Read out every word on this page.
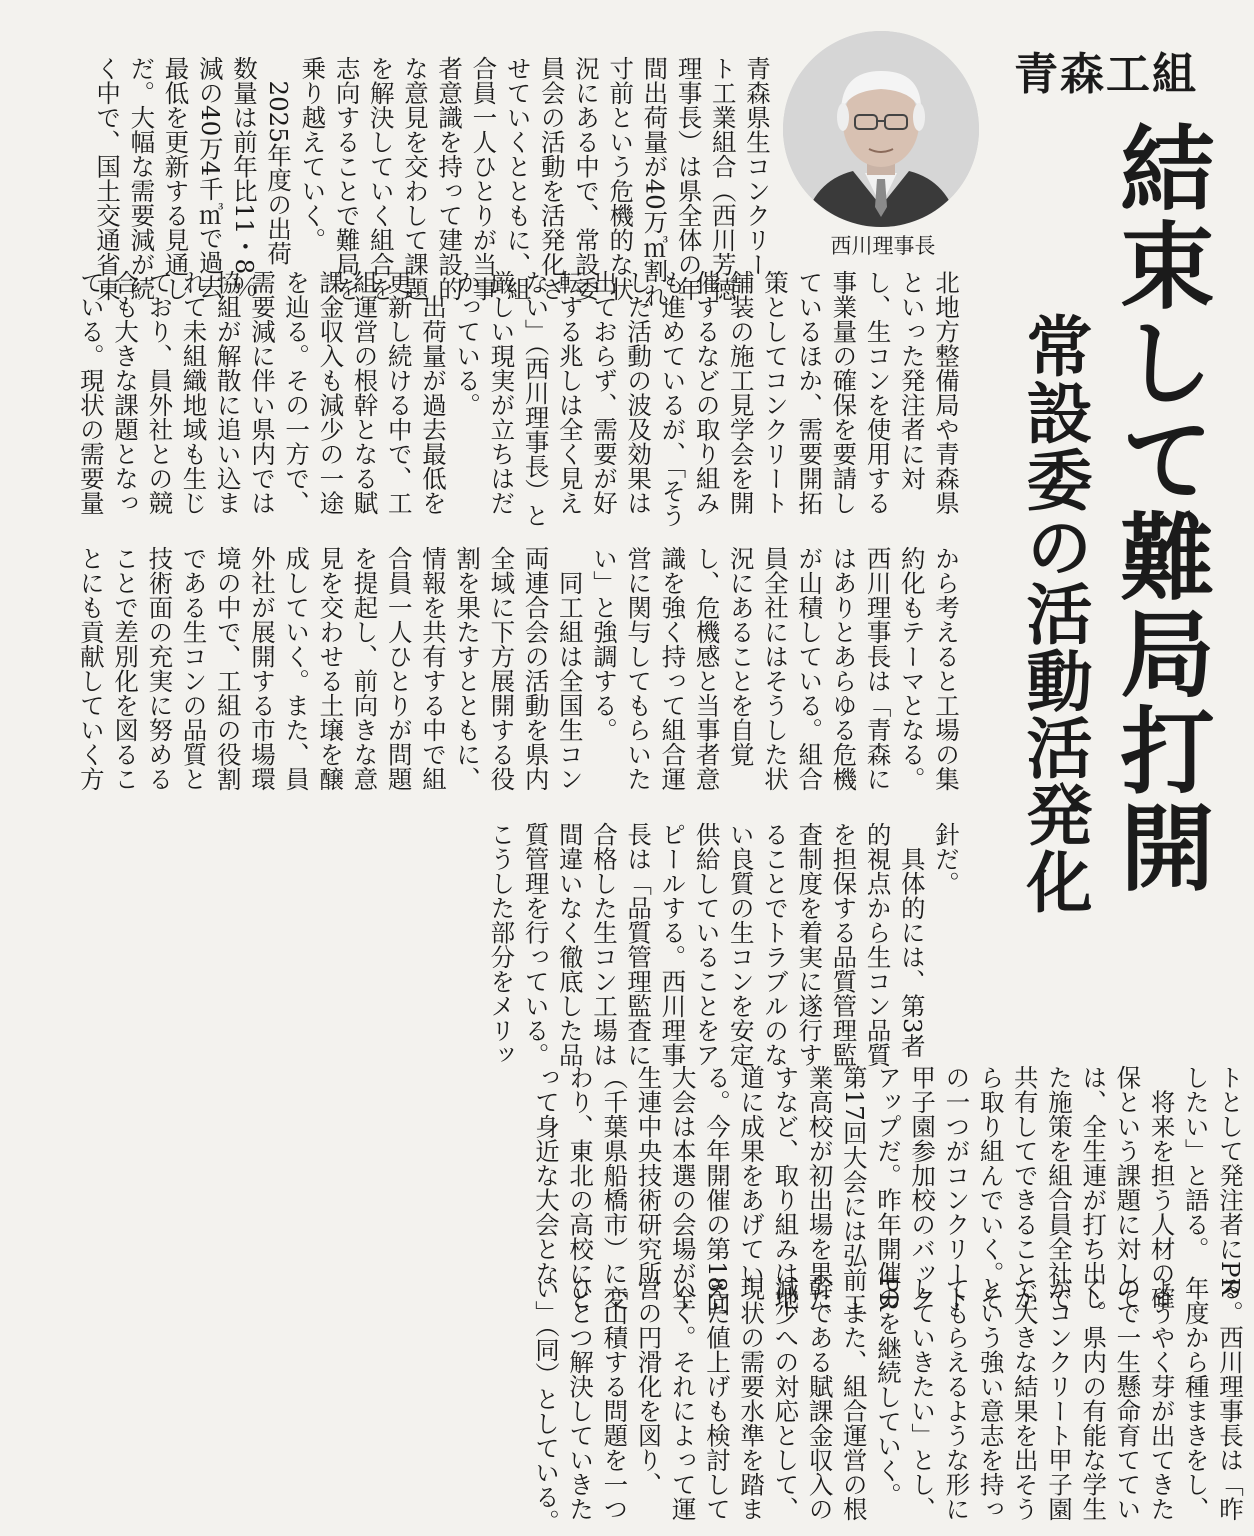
青森工組
結束して難局打開
常設委の活動活発化
西川理事長
青森県生コンクリー
ト工業組合（西川芳徳
理事長）は県全体の年
間出荷量が40万㎥割れ
寸前という危機的な状
況にある中で、常設委
員会の活動を活発化さ
せていくとともに、組
合員一人ひとりが当事
者意識を持って建設的
な意見を交わして課題
を解決していく組合を
志向することで難局を
乗り越えていく。
　2025年度の出荷
数量は前年比11・8％
減の40万4千㎥で過去
最低を更新する見通し
だ。大幅な需要減が続
く中で、国土交通省東
北地方整備局や青森県
といった発注者に対
し、生コンを使用する
事業量の確保を要請し
ているほか、需要開拓
策としてコンクリート
舗装の施工見学会を開
催するなどの取り組み
も進めているが、「そう
した活動の波及効果は
出ておらず、需要が好
転する兆しは全く見え
ない」（西川理事長）と
厳しい現実が立ちはだ
かっている。
　出荷量が過去最低を
更新し続ける中で、工
組運営の根幹となる賦
課金収入も減少の一途
を辿る。その一方で、
需要減に伴い県内では
協組が解散に追い込ま
れて未組織地域も生じ
ており、員外社との競
合も大きな課題となっ
ている。現状の需要量
から考えると工場の集
約化もテーマとなる。
西川理事長は「青森に
はありとあらゆる危機
が山積している。組合
員全社にはそうした状
況にあることを自覚
し、危機感と当事者意
識を強く持って組合運
営に関与してもらいた
い」と強調する。
　同工組は全国生コン
両連合会の活動を県内
全域に下方展開する役
割を果たすとともに、
情報を共有する中で組
合員一人ひとりが問題
を提起し、前向きな意
見を交わせる土壌を醸
成していく。また、員
外社が展開する市場環
境の中で、工組の役割
である生コンの品質と
技術面の充実に努める
ことで差別化を図るこ
とにも貢献していく方
針だ。
　具体的には、第3者
的視点から生コン品質
を担保する品質管理監
査制度を着実に遂行す
ることでトラブルのな
い良質の生コンを安定
供給していることをア
ピールする。西川理事
長は「品質管理監査に
合格した生コン工場は
間違いなく徹底した品
質管理を行っている。
こうした部分をメリッ
トとして発注者にPR
したい」と語る。
　将来を担う人材の確
保という課題に対して
は、全生連が打ち出し
た施策を組合員全社で
共有してできることか
ら取り組んでいく。そ
の一つがコンクリート
甲子園参加校のバック
アップだ。昨年開催の
第17回大会には弘前工
業高校が初出場を果た
すなど、取り組みは地
道に成果をあげてい
る。今年開催の第18回
大会は本選の会場が全
生連中央技術研究所
（千葉県船橋市）に変
わり、東北の高校にと
って身近な大会とな
る。西川理事長は「昨
年度から種まきをし、
ようやく芽が出てきた
ので一生懸命育ててい
く。県内の有能な学生
がコンクリート甲子園
で大きな結果を出そう
という強い意志を持っ
てもらえるような形に
していきたい」とし、
PRを継続していく。
　また、組合運営の根
幹である賦課金収入の
減少への対応として、
現状の需要水準を踏ま
えた値上げも検討して
いく。それによって運
営の円滑化を図り、
「山積する問題を一つ
ひとつ解決していきた
い」（同）としている。
